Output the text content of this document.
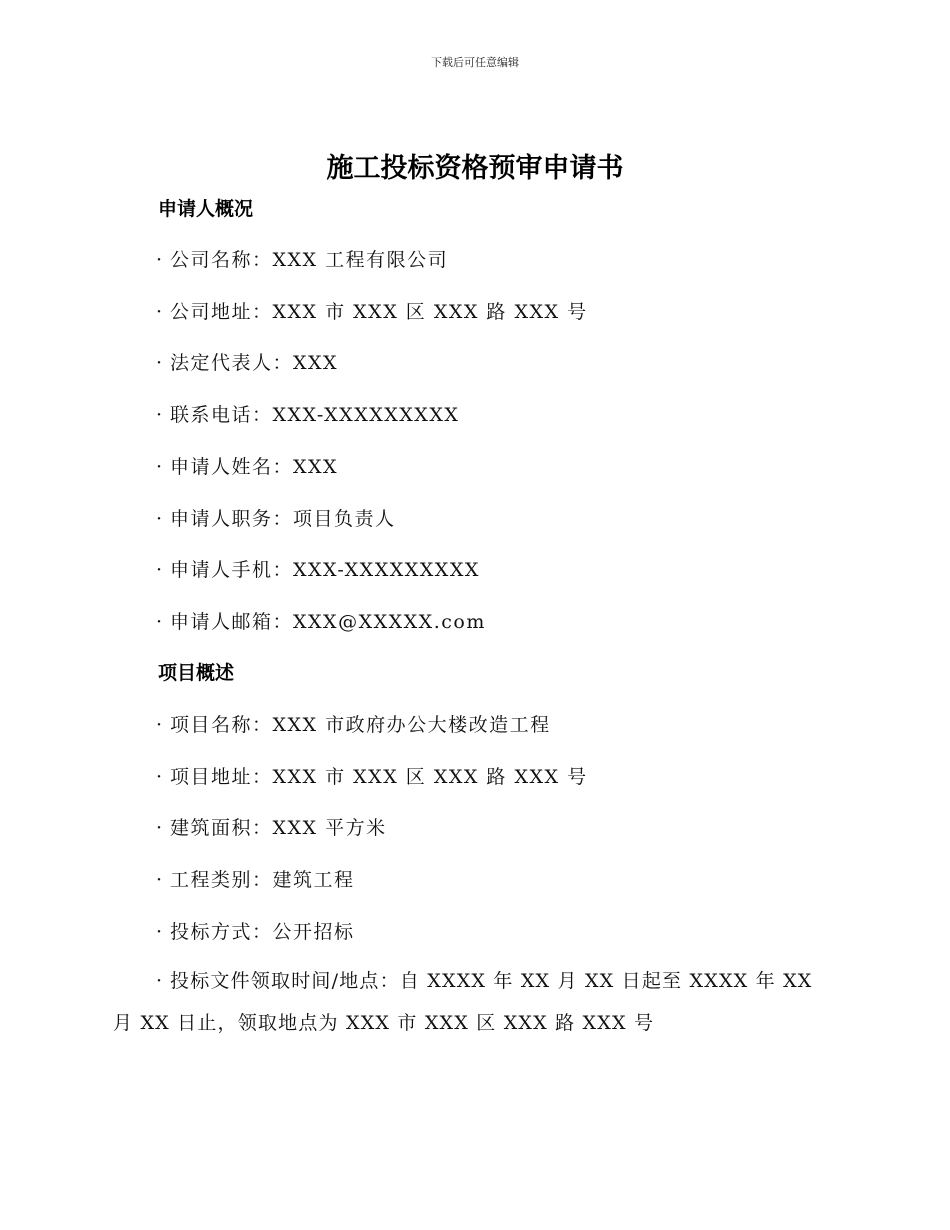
下载后可任意编辑
施工投标资格预审申请书
申请人概况
· 公司名称：XXX 工程有限公司
· 公司地址：XXX 市 XXX 区 XXX 路 XXX 号
· 法定代表人：XXX
· 联系电话：XXX-XXXXXXXXX
· 申请人姓名：XXX
· 申请人职务：项目负责人
· 申请人手机：XXX-XXXXXXXXX
· 申请人邮箱：XXX@XXXXX.com
项目概述
· 项目名称：XXX 市政府办公大楼改造工程
· 项目地址：XXX 市 XXX 区 XXX 路 XXX 号
· 建筑面积：XXX 平方米
· 工程类别：建筑工程
· 投标方式：公开招标
· 投标文件领取时间/地点：自 XXXX 年 XX 月 XX 日起至 XXXX 年 XX 月 XX 日止，领取地点为 XXX 市 XXX 区 XXX 路 XXX 号
